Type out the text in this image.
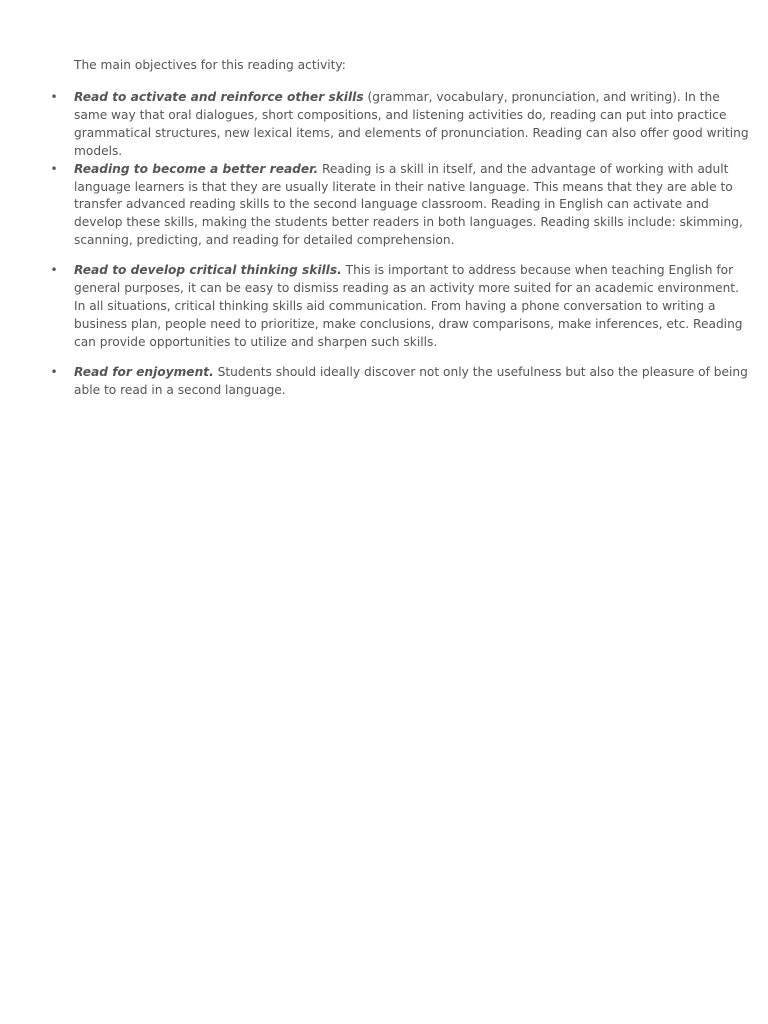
The main objectives for this reading activity:

• Read to activate and reinforce other skills (grammar, vocabulary, pronunciation, and writing). In the same way that oral dialogues, short compositions, and listening activities do, reading can put into practice grammatical structures, new lexical items, and elements of pronunciation. Reading can also offer good writing models.
• Reading to become a better reader. Reading is a skill in itself, and the advantage of working with adult language learners is that they are usually literate in their native language. This means that they are able to transfer advanced reading skills to the second language classroom. Reading in English can activate and develop these skills, making the students better readers in both languages. Reading skills include: skimming, scanning, predicting, and reading for detailed comprehension.
• Read to develop critical thinking skills. This is important to address because when teaching English for general purposes, it can be easy to dismiss reading as an activity more suited for an academic environment. In all situations, critical thinking skills aid communication. From having a phone conversation to writing a business plan, people need to prioritize, make conclusions, draw comparisons, make inferences, etc. Reading can provide opportunities to utilize and sharpen such skills.
• Read for enjoyment. Students should ideally discover not only the usefulness but also the pleasure of being able to read in a second language.
